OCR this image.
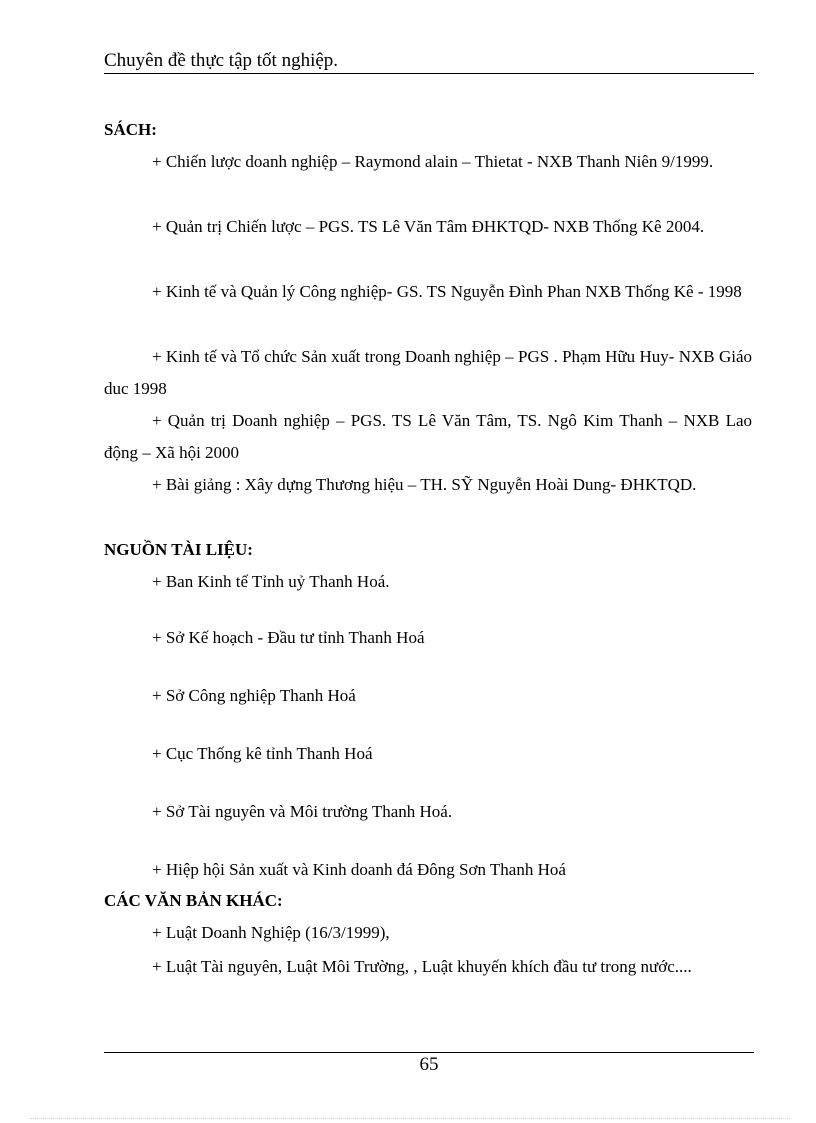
Chuyên đề thực tập tốt nghiệp.
SÁCH:
+ Chiến lược doanh nghiệp – Raymond alain – Thietat - NXB Thanh Niên 9/1999.
+ Quản trị Chiến lược – PGS. TS Lê Văn Tâm ĐHKTQD- NXB Thống Kê 2004.
+ Kinh tế và Quản lý Công nghiệp- GS. TS Nguyễn Đình Phan NXB Thống Kê - 1998
+ Kinh tế và Tổ chức Sản xuất trong Doanh nghiệp – PGS . Phạm Hữu Huy- NXB Giáo duc 1998
+ Quản trị Doanh nghiệp – PGS. TS Lê Văn Tâm, TS. Ngô Kim Thanh – NXB Lao động – Xã hội 2000
+ Bài giảng : Xây dựng Thương hiệu – TH. SỸ Nguyễn Hoài Dung- ĐHKTQD.
NGUỒN TÀI LIỆU:
+ Ban Kinh tế Tỉnh uỷ Thanh Hoá.
+ Sở Kế hoạch - Đầu tư tỉnh Thanh Hoá
+ Sở Công nghiệp Thanh Hoá
+ Cục Thống kê tỉnh Thanh Hoá
+ Sở Tài nguyên và Môi trường Thanh Hoá.
+ Hiệp hội Sản xuất và Kinh doanh đá Đông Sơn Thanh Hoá
CÁC VĂN BẢN KHÁC:
+ Luật Doanh Nghiệp (16/3/1999),
+ Luật Tài nguyên, Luật Môi Trường, , Luật khuyến khích đầu tư trong nước....
65
